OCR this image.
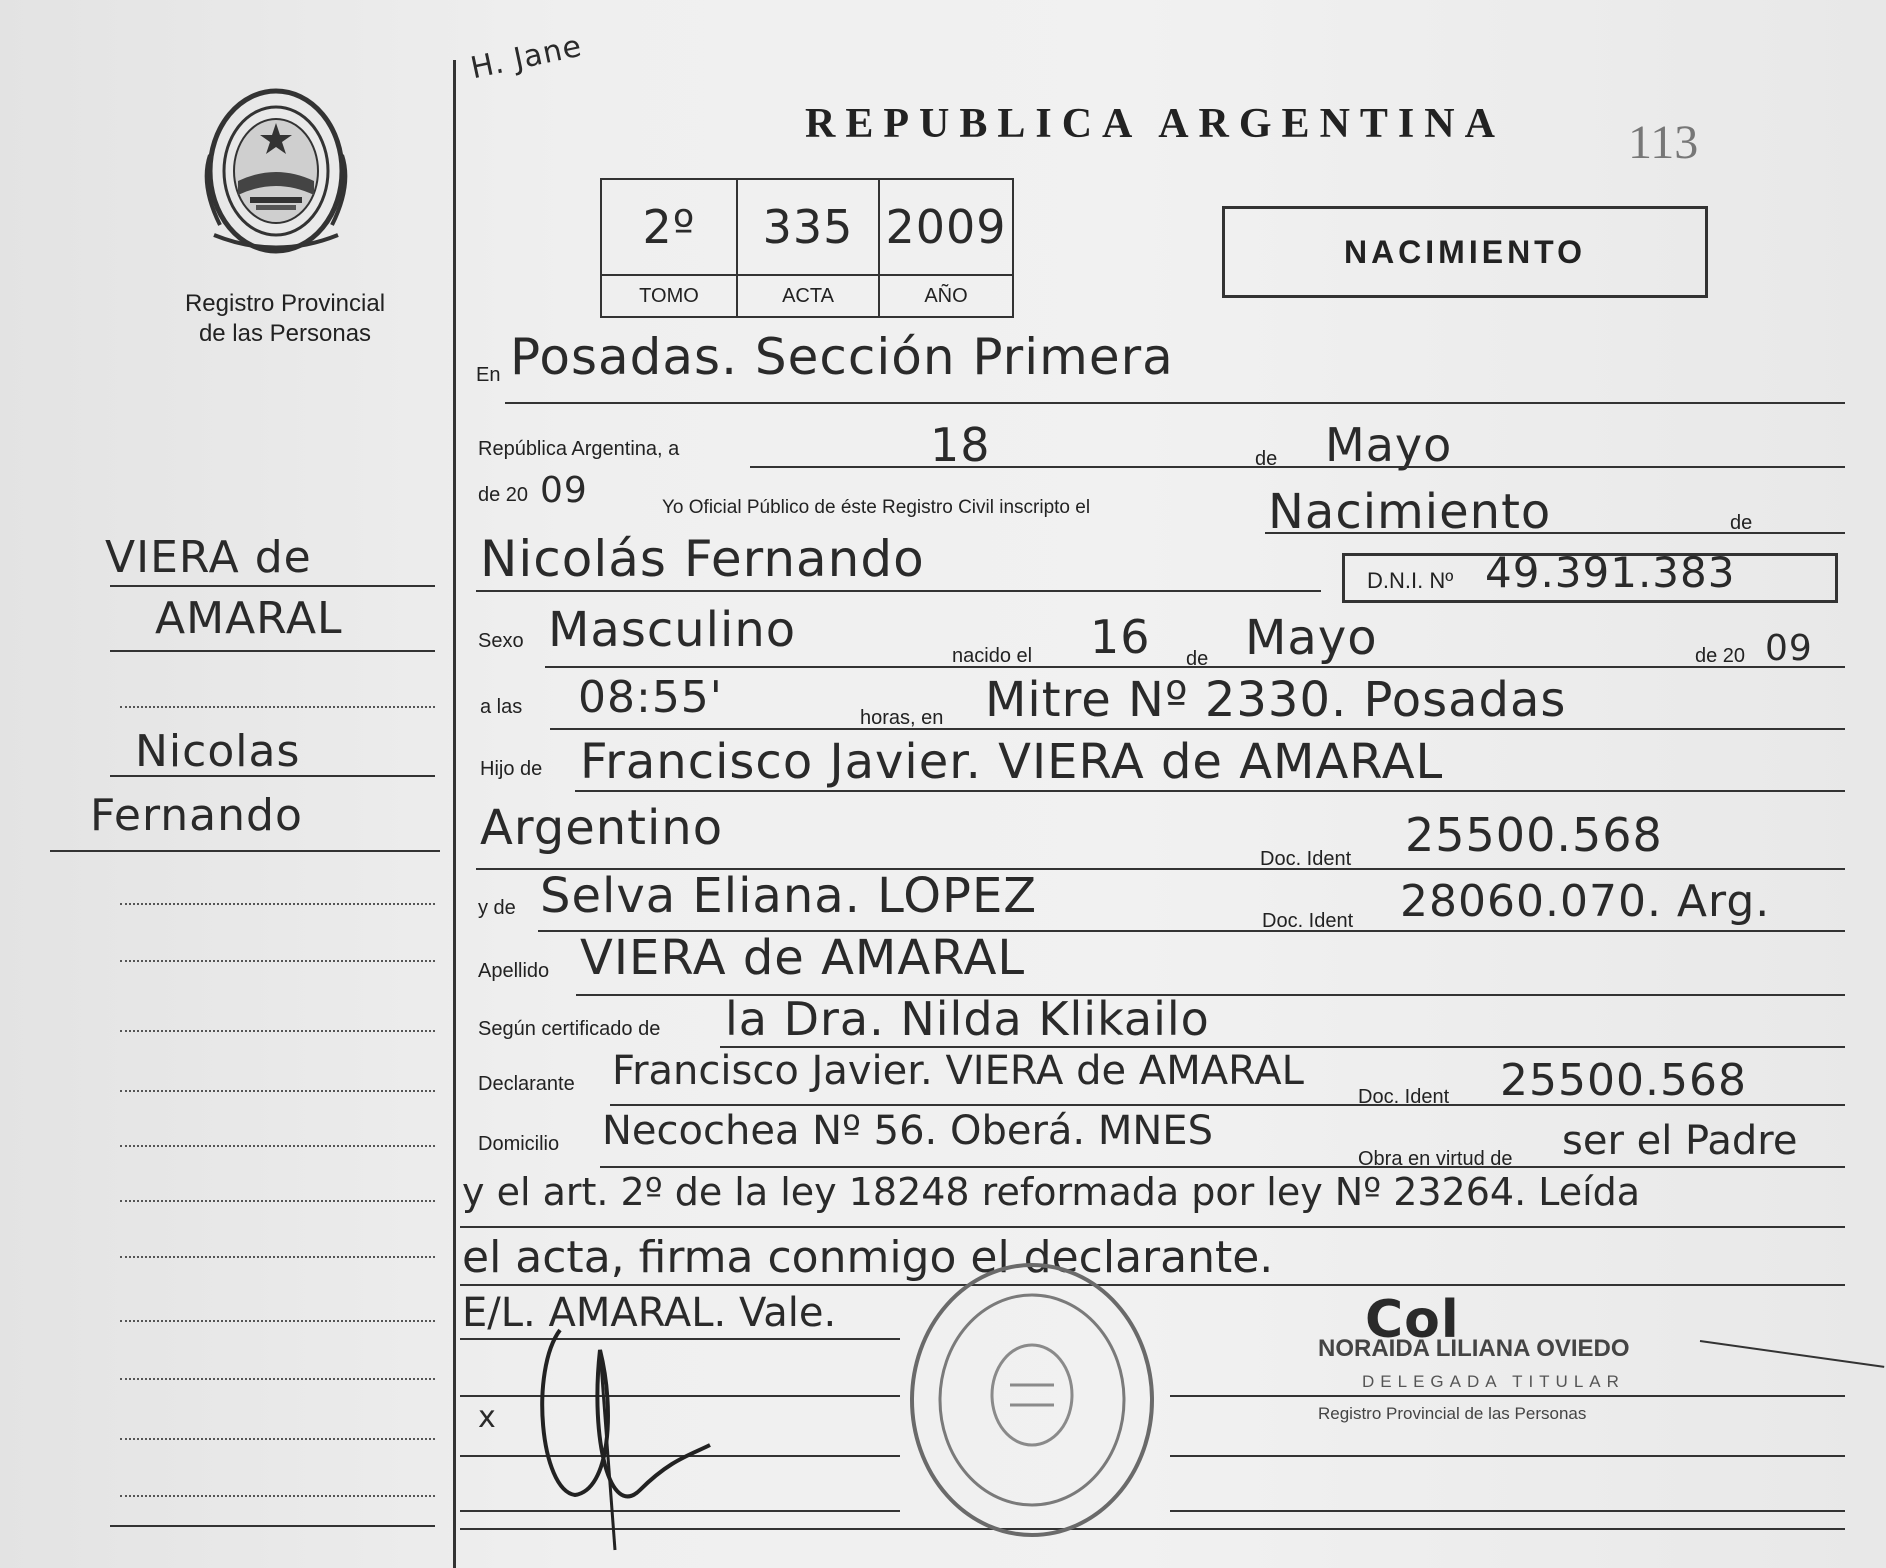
Registro Provincial
de las Personas
VIERA de
AMARAL
Nicolas
Fernando
H. Jane
REPUBLICA ARGENTINA	113
2º	335	2009
TOMO	ACTA	AÑO
NACIMIENTO
En Posadas. Sección Primera
República Argentina, a	18	de Mayo
de 20 09	Yo Oficial Público de éste Registro Civil inscripto el	Nacimiento	de
Nicolás Fernando	D.N.I. Nº 49.391.383
Sexo Masculino	nacido el 16 de Mayo	de 20 09
a las 08:55'	horas, en Mitre Nº 2330. Posadas
Hijo de Francisco Javier. VIERA de AMARAL
Argentino
Doc. Ident 25500.568
y de Selva Eliana. LOPEZ	Doc. Ident 28060.070. Arg.
Apellido VIERA de AMARAL
Según certificado de la Dra. Nilda Klikailo
Declarante Francisco Javier. VIERA de AMARAL
Doc. Ident 25500.568
Domicilio Necochea Nº 56. Oberá. MNES
Obra en virtud de ser el Padre
y el art. 2º de la ley 18248 reformada por ley Nº 23264. Leída
el acta, firma conmigo el declarante.
E/L. AMARAL. Vale.
x
Col
NORAIDA LILIANA OVIEDO
DELEGADA TITULAR
Registro Provincial de las Personas
